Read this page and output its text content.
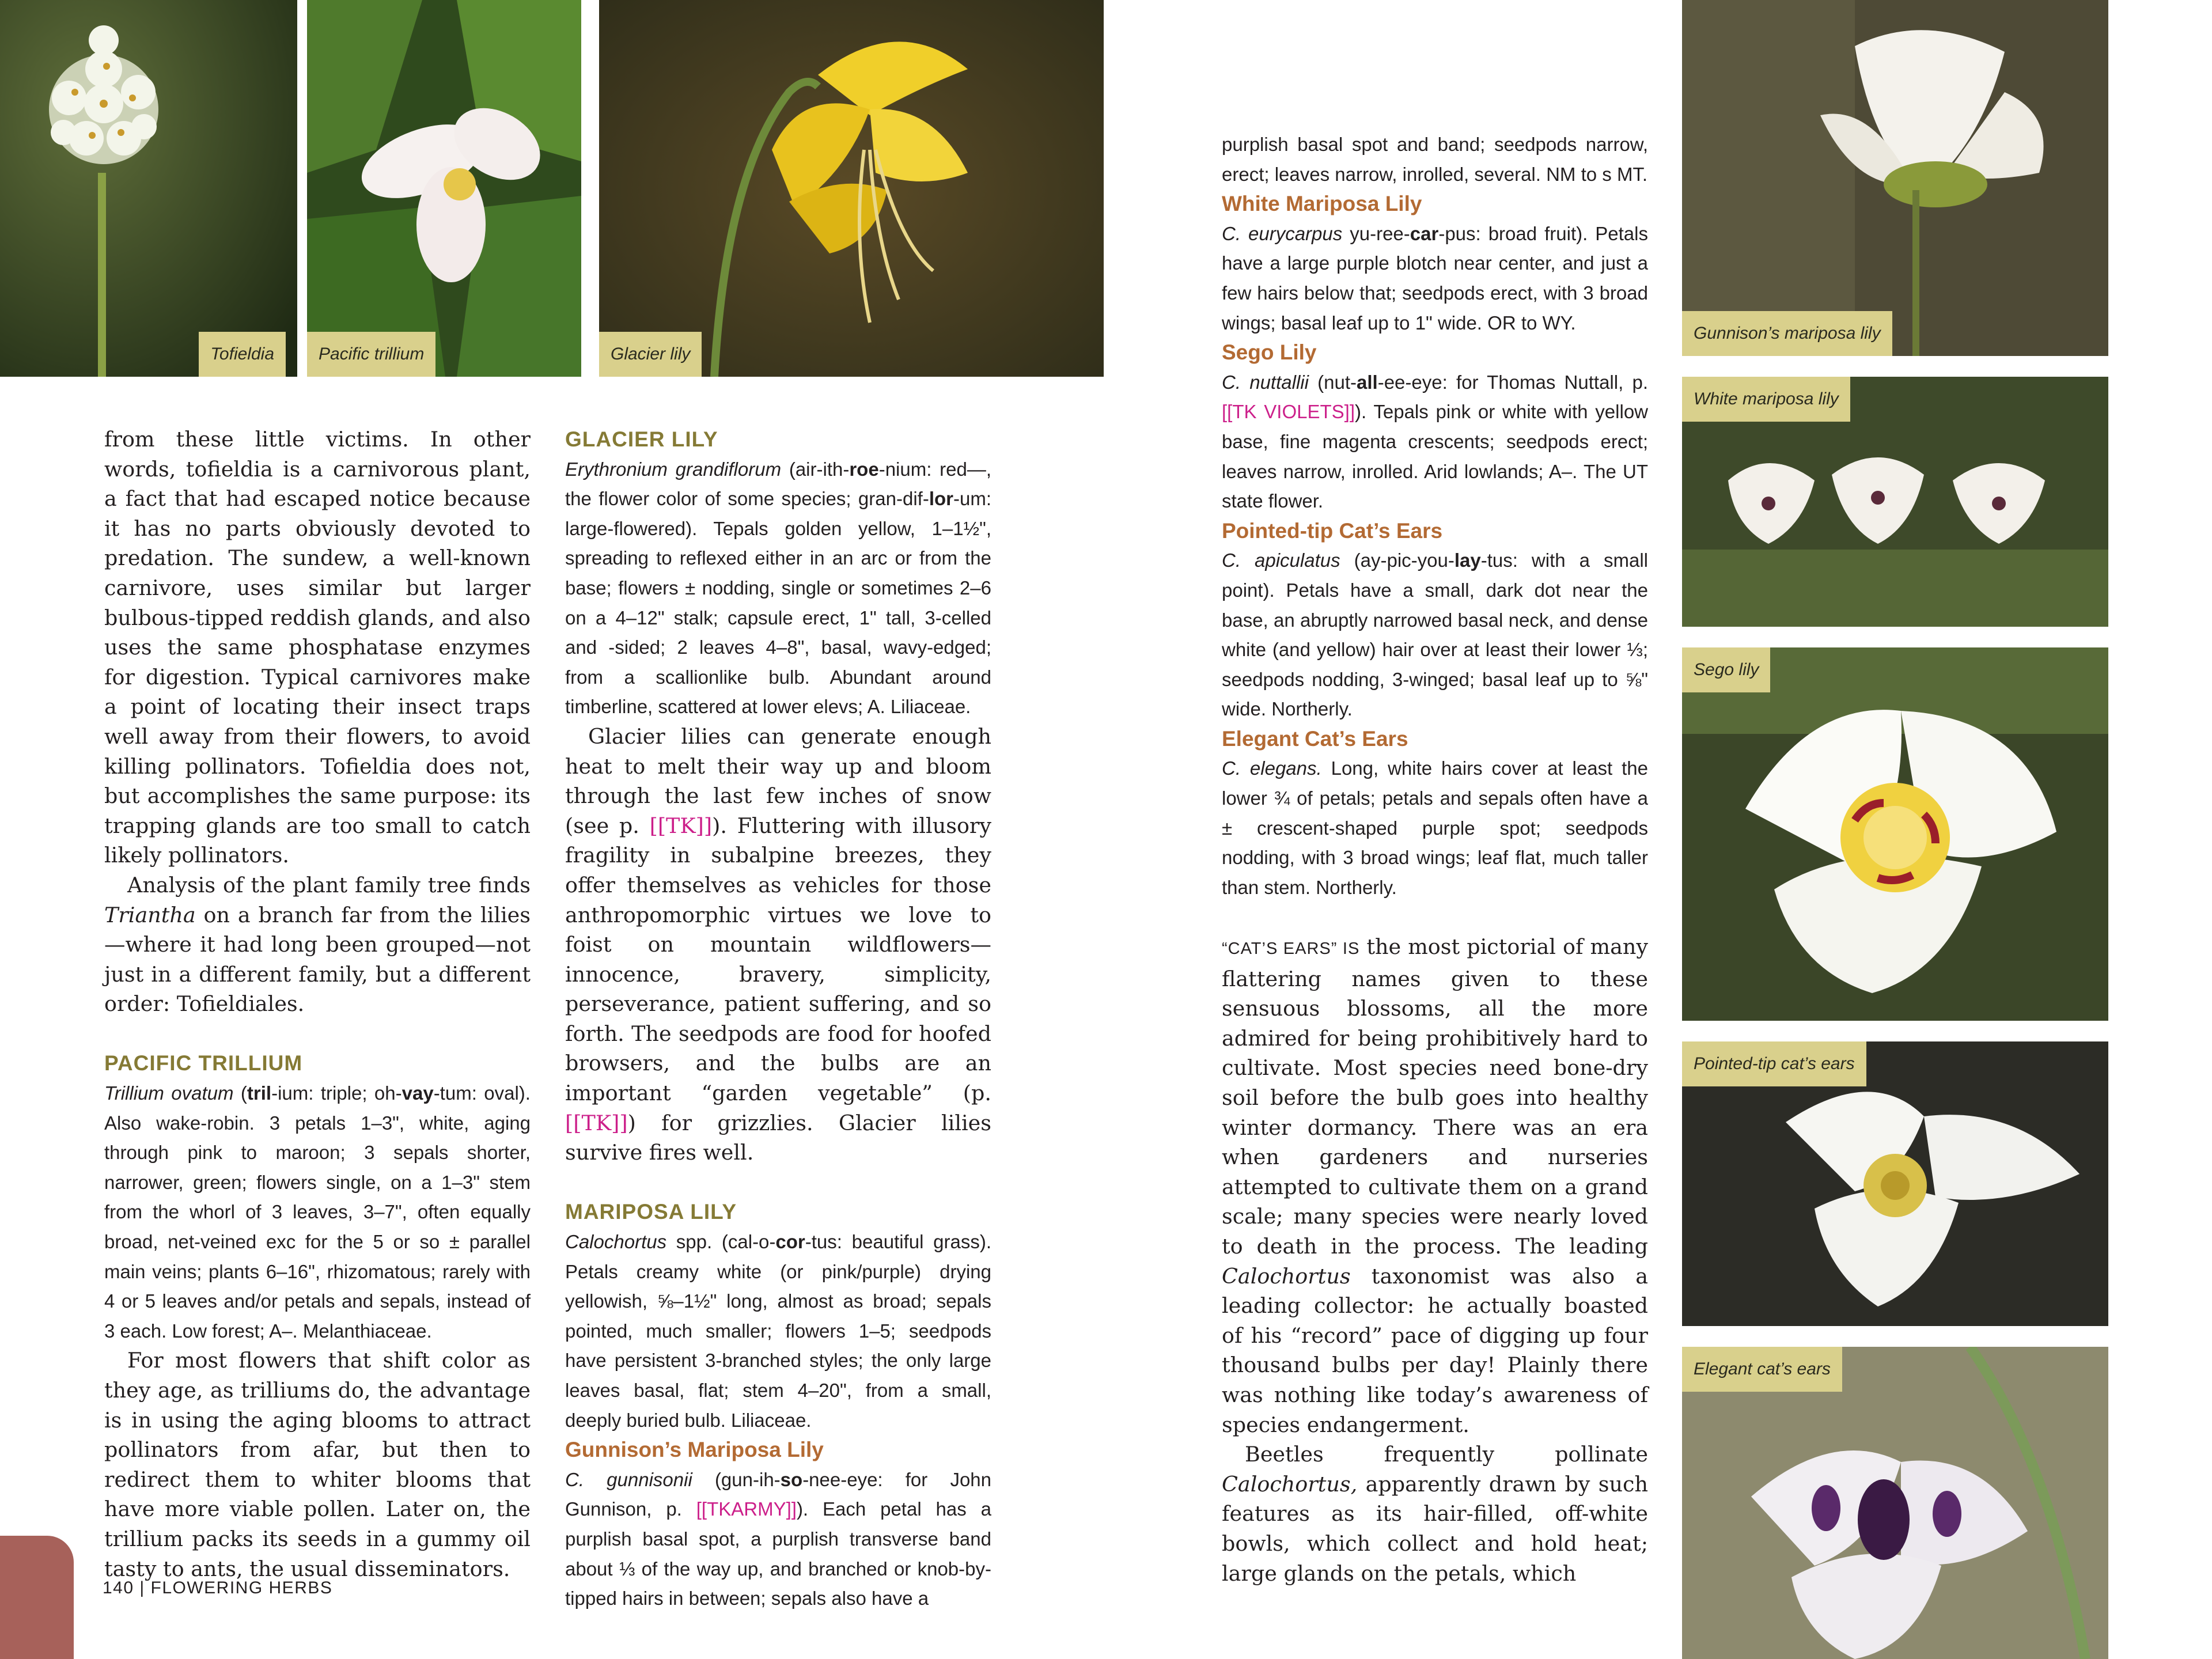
Tofieldia	Pacific trillium	Glacier lily
Gunnison’s mariposa lily
White mariposa lily
Sego lily
Pointed-tip cat’s ears
Elegant cat’s ears

from these little victims. In other words, tofieldia is a carnivorous plant, a fact that had escaped notice because it has no parts obviously devoted to predation. The sundew, a well-known carnivore, uses similar but larger bulbous-tipped reddish glands, and also uses the same phosphatase enzymes for digestion. Typical carnivores make a point of locating their insect traps well away from their flowers, to avoid killing pollinators. Tofieldia does not, but accomplishes the same purpose: its trapping glands are too small to catch likely pollinators.

Analysis of the plant family tree finds Triantha on a branch far from the lilies—where it had long been grouped—not just in a different family, but a different order: Tofieldiales.

PACIFIC TRILLIUM

Trillium ovatum (tril-ium: triple; oh-vay-tum: oval). Also wake-robin. 3 petals 1–3", white, aging through pink to maroon; 3 sepals shorter, narrower, green; flowers single, on a 1–3" stem from the whorl of 3 leaves, 3–7", often equally broad, net-veined exc for the 5 or so ± parallel main veins; plants 6–16", rhizomatous; rarely with 4 or 5 leaves and/or petals and sepals, instead of 3 each. Low forest; A–. Melanthiaceae.

For most flowers that shift color as they age, as trilliums do, the advantage is in using the aging blooms to attract pollinators from afar, but then to redirect them to whiter blooms that have more viable pollen. Later on, the trillium packs its seeds in a gummy oil tasty to ants, the usual disseminators.

GLACIER LILY

Erythronium grandiflorum (air-ith-roe-nium: red—, the flower color of some species; gran-dif-lor-um: large-flowered). Tepals golden yellow, 1–1½", spreading to reflexed either in an arc or from the base; flowers ± nodding, single or sometimes 2–6 on a 4–12" stalk; capsule erect, 1" tall, 3-celled and -sided; 2 leaves 4–8", basal, wavy-edged; from a scallionlike bulb. Abundant around timberline, scattered at lower elevs; A. Liliaceae.

Glacier lilies can generate enough heat to melt their way up and bloom through the last few inches of snow (see p. [[TK]]). Fluttering with illusory fragility in subalpine breezes, they offer themselves as vehicles for those anthropomorphic virtues we love to foist on mountain wildflowers—innocence, bravery, simplicity, perseverance, patient suffering, and so forth. The seedpods are food for hoofed browsers, and the bulbs are an important “garden vegetable” (p. [[TK]]) for grizzlies. Glacier lilies survive fires well.

MARIPOSA LILY

Calochortus spp. (cal-o-cor-tus: beautiful grass). Petals creamy white (or pink/purple) drying yellowish, ⅝–1½" long, almost as broad; sepals pointed, much smaller; flowers 1–5; seedpods have persistent 3-branched styles; the only large leaves basal, flat; stem 4–20", from a small, deeply buried bulb. Liliaceae.

Gunnison’s Mariposa Lily

C. gunnisonii (gun-ih-so-nee-eye: for John Gunnison, p. [[TKARMY]]). Each petal has a purplish basal spot, a purplish transverse band about ⅓ of the way up, and branched or knob-by-tipped hairs in between; sepals also have a

purplish basal spot and band; seedpods narrow, erect; leaves narrow, inrolled, several. NM to s MT.

White Mariposa Lily

C. eurycarpus yu-ree-car-pus: broad fruit). Petals have a large purple blotch near center, and just a few hairs below that; seedpods erect, with 3 broad wings; basal leaf up to 1" wide. OR to WY.

Sego Lily

C. nuttallii (nut-all-ee-eye: for Thomas Nuttall, p. [[TK VIOLETS]]). Tepals pink or white with yellow base, fine magenta crescents; seedpods erect; leaves narrow, inrolled. Arid lowlands; A–. The UT state flower.

Pointed-tip Cat’s Ears

C. apiculatus (ay-pic-you-lay-tus: with a small point). Petals have a small, dark dot near the base, an abruptly narrowed basal neck, and dense white (and yellow) hair over at least their lower ⅓; seedpods nodding, 3-winged; basal leaf up to ⅝" wide. Northerly.

Elegant Cat’s Ears

C. elegans. Long, white hairs cover at least the lower ¾ of petals; petals and sepals often have a ± crescent-shaped purple spot; seedpods nodding, with 3 broad wings; leaf flat, much taller than stem. Northerly.

“CAT’S EARS” IS the most pictorial of many flattering names given to these sensuous blossoms, all the more admired for being prohibitively hard to cultivate. Most species need bone-dry soil before the bulb goes into healthy winter dormancy. There was an era when gardeners and nurseries attempted to cultivate them on a grand scale; many species were nearly loved to death in the process. The leading Calochortus taxonomist was also a leading collector: he actually boasted of his “record” pace of digging up four thousand bulbs per day! Plainly there was nothing like today’s awareness of species endangerment.

Beetles frequently pollinate Calochortus, apparently drawn by such features as its hair-filled, off-white bowls, which collect and hold heat; large glands on the petals, which

140 | FLOWERING HERBS
